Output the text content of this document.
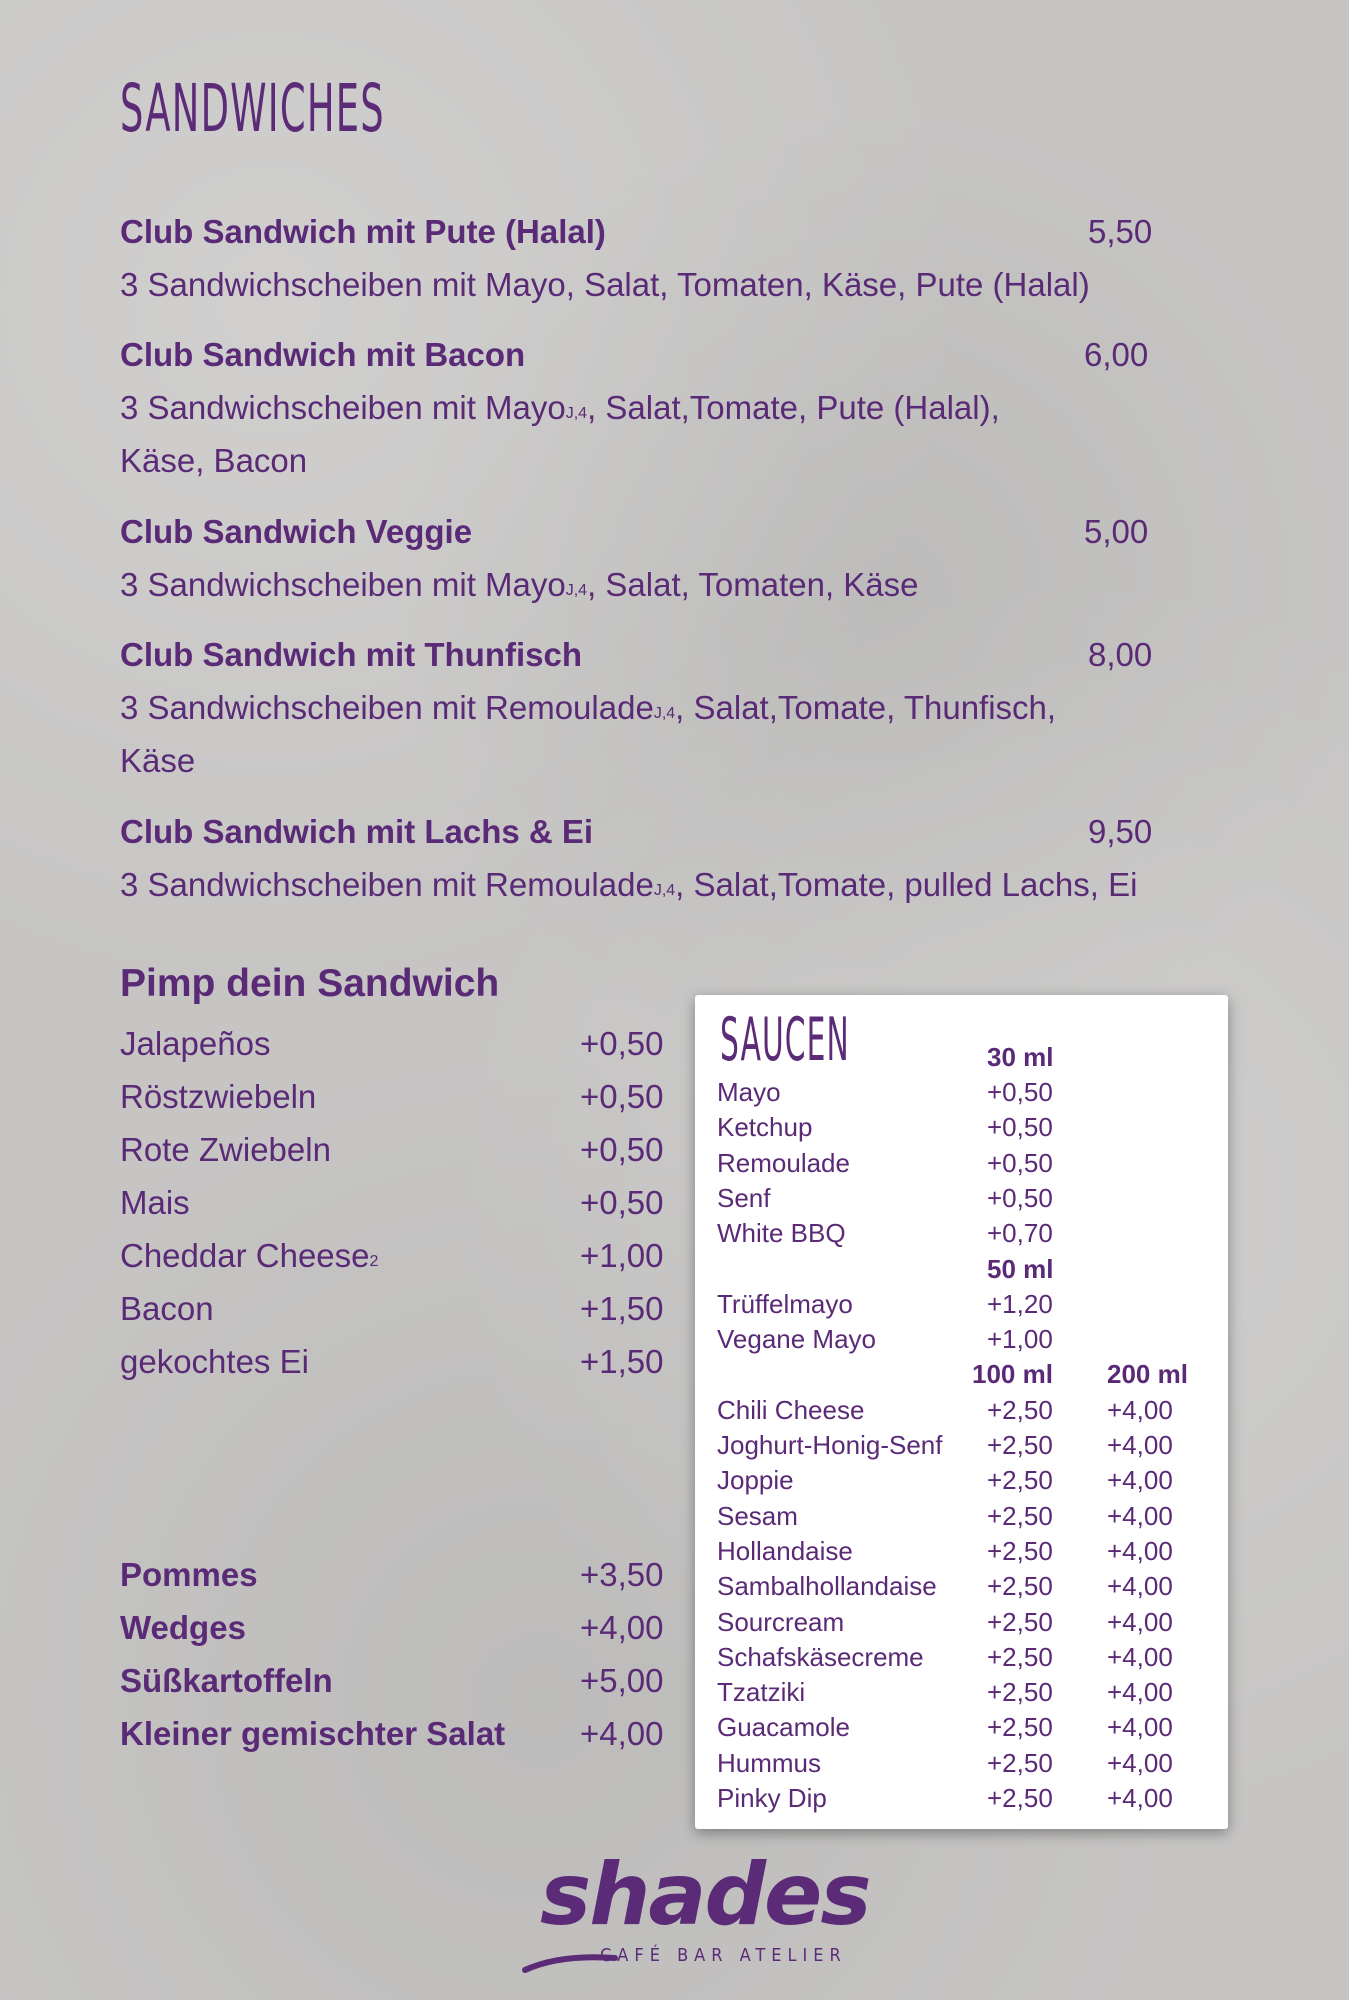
SANDWICHES
Club Sandwich mit Pute (Halal)	5,50
3 Sandwichscheiben mit Mayo, Salat, Tomaten, Käse, Pute (Halal)
Club Sandwich mit Bacon	6,00
3 Sandwichscheiben mit Mayo$^{J,4}$, Salat,Tomate, Pute (Halal),
Käse, Bacon
Club Sandwich Veggie	5,00
3 Sandwichscheiben mit Mayo$^{J,4}$, Salat, Tomaten, Käse
Club Sandwich mit Thunfisch	8,00
3 Sandwichscheiben mit Remoulade$^{J,4}$, Salat,Tomate, Thunfisch,
Käse
Club Sandwich mit Lachs & Ei	9,50
3 Sandwichscheiben mit Remoulade$^{J,4}$, Salat,Tomate, pulled Lachs, Ei
Pimp dein Sandwich
Jalapeños	+0,50
Röstzwiebeln	+0,50
Rote Zwiebeln	+0,50
Mais	+0,50
Cheddar Cheese$^2$	+1,00
Bacon	+1,50
gekochtes Ei	+1,50
Pommes	+3,50
Wedges	+4,00
Süßkartoffeln	+5,00
Kleiner gemischter Salat +4,00
SAUCEN	30 ml
Mayo	+0,50
Ketchup	+0,50
Remoulade	+0,50
Senf	+0,50
White BBQ	+0,70
50 ml
Trüffelmayo	+1,20
Vegane Mayo	+1,00
100 ml 200 ml
Chili Cheese	+2,50 +4,00
Joghurt-Honig-Senf +2,50 +4,00
Joppie	+2,50 +4,00
Sesam	+2,50 +4,00
Hollandaise	+2,50 +4,00
Sambalhollandaise +2,50 +4,00
Sourcream	+2,50 +4,00
Schafskäsecreme +2,50 +4,00
Tzatziki	+2,50 +4,00
Guacamole	+2,50 +4,00
Hummus	+2,50 +4,00
Pinky Dip	+2,50 +4,00
shades
CAFÉ BAR ATELIER
